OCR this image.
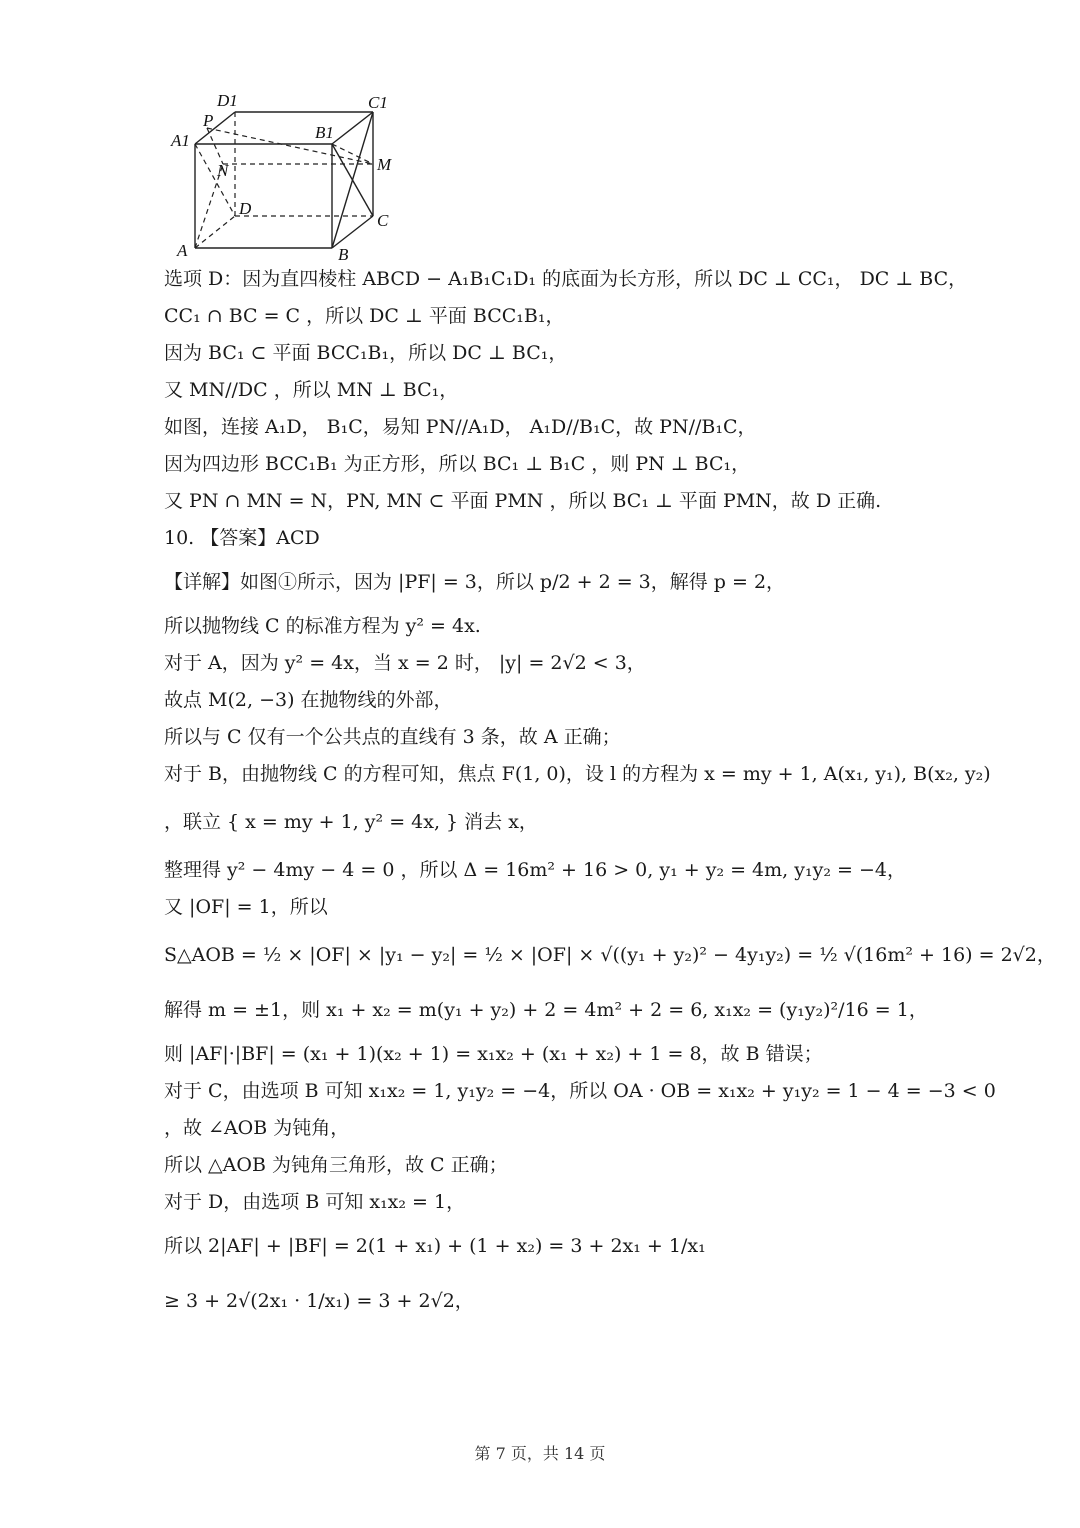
D1	C1
A1
P
B1
N	M
D
C
A	B
选项 D：因为直四棱柱 ABCD − A₁B₁C₁D₁ 的底面为长方形，所以 DC ⊥ CC₁， DC ⊥ BC，
CC₁ ∩ BC = C ，所以 DC ⊥ 平面 BCC₁B₁，
因为 BC₁ ⊂ 平面 BCC₁B₁，所以 DC ⊥ BC₁，
又 MN//DC ，所以 MN ⊥ BC₁，
如图，连接 A₁D， B₁C，易知 PN//A₁D， A₁D//B₁C，故 PN//B₁C，
因为四边形 BCC₁B₁ 为正方形，所以 BC₁ ⊥ B₁C ，则 PN ⊥ BC₁，
又 PN ∩ MN = N，PN, MN ⊂ 平面 PMN ，所以 BC₁ ⊥ 平面 PMN，故 D 正确.
10. 【答案】ACD
【详解】如图①所示，因为 |PF| = 3，所以 p/2 + 2 = 3，解得 p = 2，
所以抛物线 C 的标准方程为 y² = 4x.
对于 A，因为 y² = 4x，当 x = 2 时， |y| = 2√2 < 3，
故点 M(2, −3) 在抛物线的外部，
所以与 C 仅有一个公共点的直线有 3 条，故 A 正确；
对于 B，由抛物线 C 的方程可知，焦点 F(1, 0)，设 l 的方程为 x = my + 1, A(x₁, y₁), B(x₂, y₂)
，联立 { x = my + 1, y² = 4x, } 消去 x，
整理得 y² − 4my − 4 = 0 ，所以 Δ = 16m² + 16 > 0, y₁ + y₂ = 4m, y₁y₂ = −4，
又 |OF| = 1，所以
S△AOB = ½ × |OF| × |y₁ − y₂| = ½ × |OF| × √((y₁ + y₂)² − 4y₁y₂) = ½ √(16m² + 16) = 2√2，
解得 m = ±1，则 x₁ + x₂ = m(y₁ + y₂) + 2 = 4m² + 2 = 6, x₁x₂ = (y₁y₂)²/16 = 1，
则 |AF|·|BF| = (x₁ + 1)(x₂ + 1) = x₁x₂ + (x₁ + x₂) + 1 = 8，故 B 错误；
对于 C，由选项 B 可知 x₁x₂ = 1, y₁y₂ = −4，所以 OA · OB = x₁x₂ + y₁y₂ = 1 − 4 = −3 < 0
，故 ∠AOB 为钝角，
所以 △AOB 为钝角三角形，故 C 正确；
对于 D，由选项 B 可知 x₁x₂ = 1，
所以 2|AF| + |BF| = 2(1 + x₁) + (1 + x₂) = 3 + 2x₁ + 1/x₁
≥ 3 + 2√(2x₁ · 1/x₁) = 3 + 2√2，
第 7 页，共 14 页
